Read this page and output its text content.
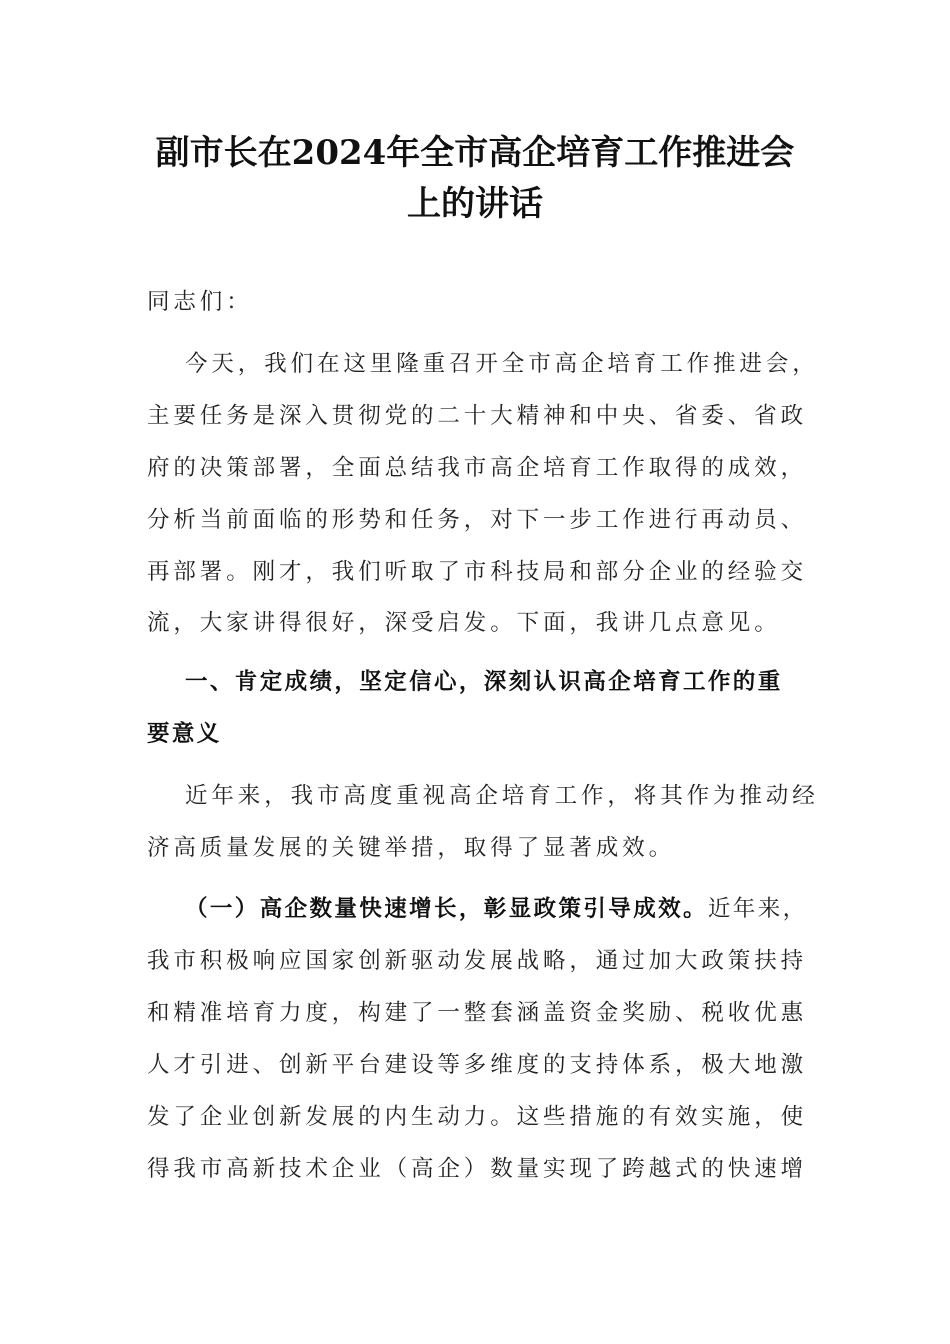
副市长在2024年全市高企培育工作推进会
上的讲话

同志们：

今天，我们在这里隆重召开全市高企培育工作推进会，

主要任务是深入贯彻党的二十大精神和中央、省委、省政

府的决策部署，全面总结我市高企培育工作取得的成效，

分析当前面临的形势和任务，对下一步工作进行再动员、

再部署。刚才，我们听取了市科技局和部分企业的经验交

流，大家讲得很好，深受启发。下面，我讲几点意见。

一、肯定成绩，坚定信心，深刻认识高企培育工作的重

要意义

近年来，我市高度重视高企培育工作，将其作为推动经

济高质量发展的关键举措，取得了显著成效。

（一）高企数量快速增长，彰显政策引导成效。近年来，

我市积极响应国家创新驱动发展战略，通过加大政策扶持

和精准培育力度，构建了一整套涵盖资金奖励、税收优惠

人才引进、创新平台建设等多维度的支持体系，极大地激

发了企业创新发展的内生动力。这些措施的有效实施，使

得我市高新技术企业（高企）数量实现了跨越式的快速增
